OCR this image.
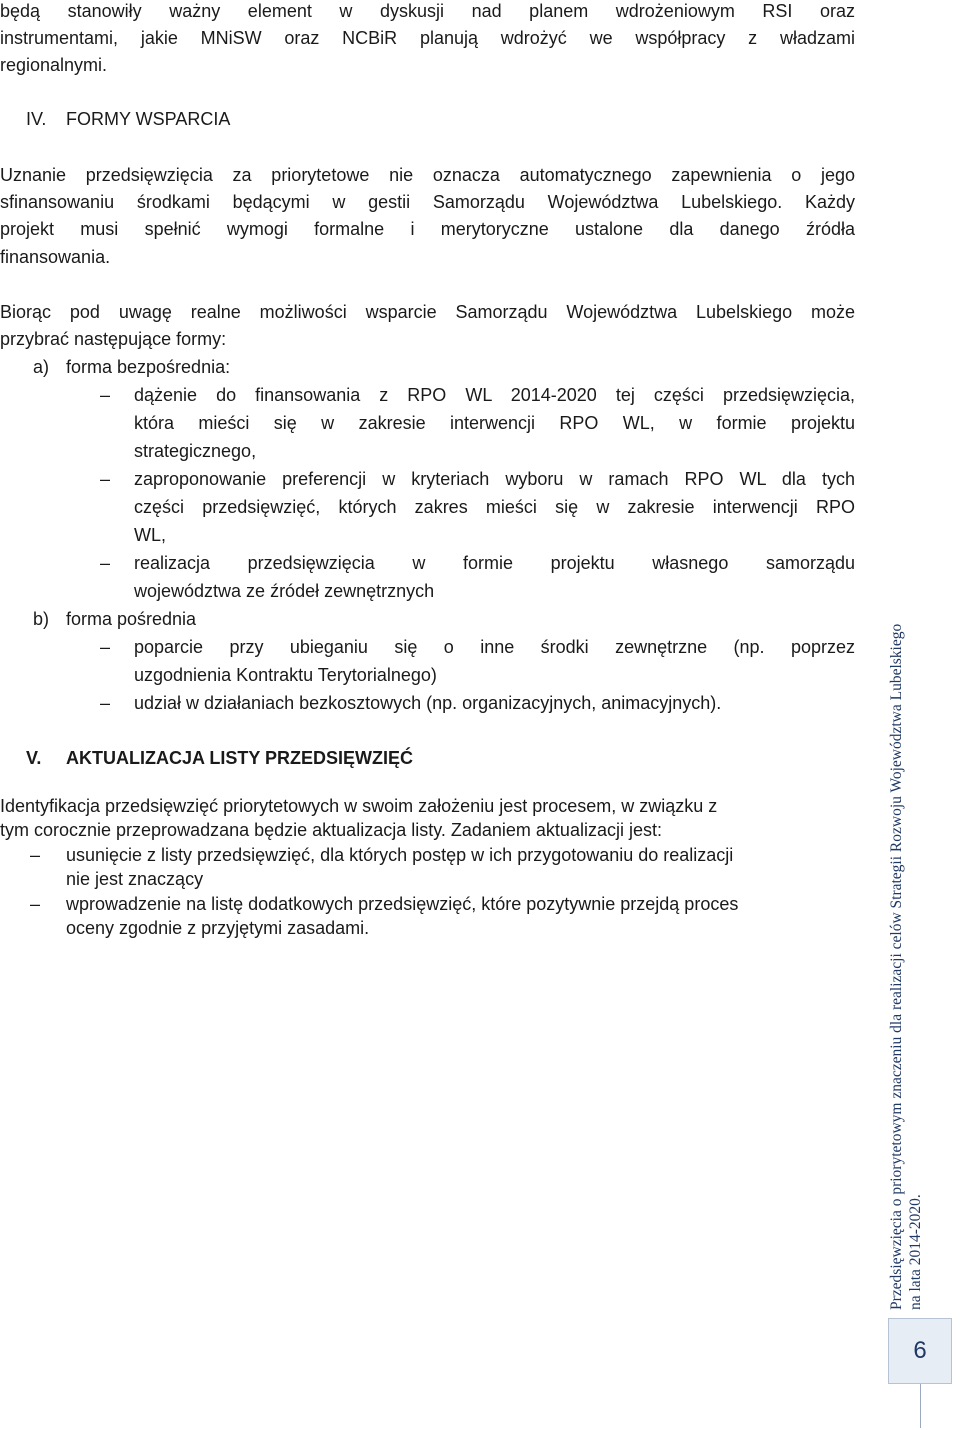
będą stanowiły ważny element w dyskusji nad planem wdrożeniowym RSI oraz
instrumentami, jakie MNiSW oraz NCBiR planują wdrożyć we współpracy z władzami
regionalnymi.
IV. FORMY WSPARCIA
Uznanie przedsięwzięcia za priorytetowe nie oznacza automatycznego zapewnienia o jego
sfinansowaniu środkami będącymi w gestii Samorządu Województwa Lubelskiego. Każdy
projekt musi spełnić wymogi formalne i merytoryczne ustalone dla danego źródła
finansowania.
Biorąc pod uwagę realne możliwości wsparcie Samorządu Województwa Lubelskiego może
przybrać następujące formy:
a) forma bezpośrednia:
– dążenie do finansowania z RPO WL 2014-2020 tej części przedsięwzięcia,
która mieści się w zakresie interwencji RPO WL, w formie projektu
strategicznego,
– zaproponowanie preferencji w kryteriach wyboru w ramach RPO WL dla tych
części przedsięwzięć, których zakres mieści się w zakresie interwencji RPO
WL,
– realizacja przedsięwzięcia w formie projektu własnego samorządu
województwa ze źródeł zewnętrznych
b) forma pośrednia
– poparcie przy ubieganiu się o inne środki zewnętrzne (np. poprzez
uzgodnienia Kontraktu Terytorialnego)
– udział w działaniach bezkosztowych (np. organizacyjnych, animacyjnych).
V. AKTUALIZACJA LISTY PRZEDSIĘWZIĘĆ
Identyfikacja przedsięwzięć priorytetowych w swoim założeniu jest procesem, w związku z
tym corocznie przeprowadzana będzie aktualizacja listy. Zadaniem aktualizacji jest:
– usunięcie z listy przedsięwzięć, dla których postęp w ich przygotowaniu do realizacji
nie jest znaczący
– wprowadzenie na listę dodatkowych przedsięwzięć, które pozytywnie przejdą proces
oceny zgodnie z przyjętymi zasadami.	Przedsięwzięcia o priorytetowym znaczeniu dla realizacji celów Strategii Rozwoju Województwa Lubelskiego na lata 2014-2020.
6
